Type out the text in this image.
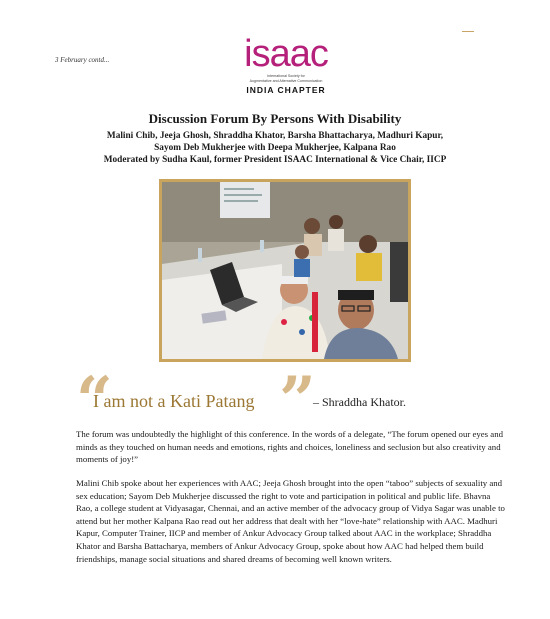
3 February contd...	isaac
International Society for
Augmentative and Alternative Communication
INDIA CHAPTER
Discussion Forum By Persons With Disability
Malini Chib, Jeeja Ghosh, Shraddha Khator, Barsha Bhattacharya, Madhuri Kapur,
Sayom Deb Mukherjee with Deepa Mukherjee, Kalpana Rao
Moderated by Sudha Kaul, former President ISAAC International & Vice Chair, IICP
“
I am not a Kati Patang ”
– Shraddha Khator.

The forum was undoubtedly the highlight of this conference. In the words of a delegate, “The forum opened our eyes and minds as they touched on human needs and emotions, rights and choices, loneliness and seclusion but also creativity and moments of joy!”

Malini Chib spoke about her experiences with AAC; Jeeja Ghosh brought into the open “taboo” subjects of sexuality and sex education; Sayom Deb Mukherjee discussed the right to vote and participation in political and public life. Bhavna Rao, a college student at Vidyasagar, Chennai, and an active member of the advocacy group of Vidya Sagar was unable to attend but her mother Kalpana Rao read out her address that dealt with her “love-hate” relationship with AAC. Madhuri Kapur, Computer Trainer, IICP and member of Ankur Advocacy Group talked about AAC in the workplace; Shraddha Khator and Barsha Battacharya, members of Ankur Advocacy Group, spoke about how AAC had helped them build friendships, manage social situations and shared dreams of becoming well known writers.
